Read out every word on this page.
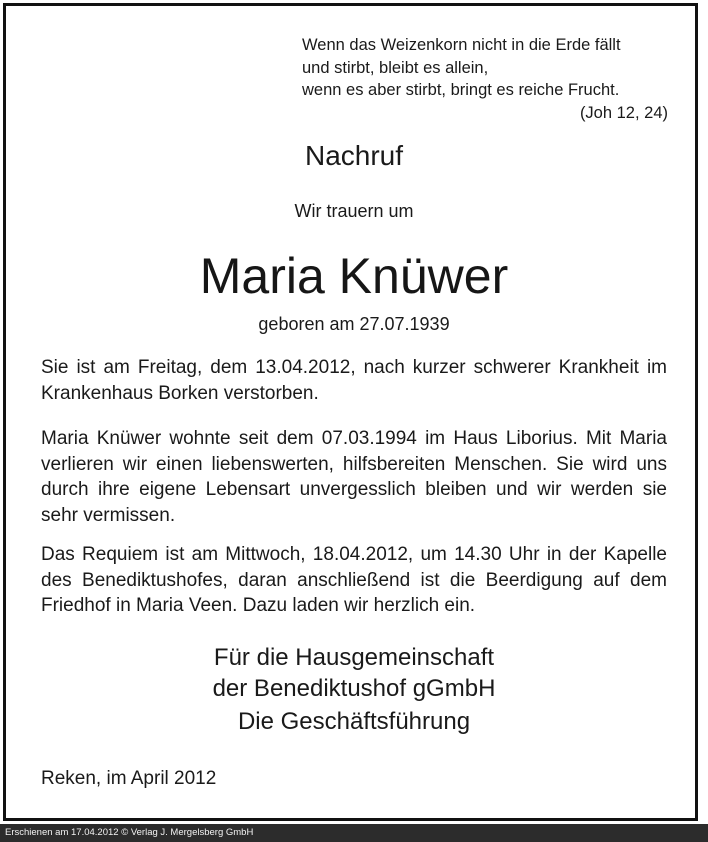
Wenn das Weizenkorn nicht in die Erde fällt
und stirbt, bleibt es allein,
wenn es aber stirbt, bringt es reiche Frucht.
(Joh 12, 24)
Nachruf
Wir trauern um
Maria Knüwer
geboren am 27.07.1939
Sie ist am Freitag, dem 13.04.2012, nach kurzer schwerer Krankheit im Krankenhaus Borken verstorben.
Maria Knüwer wohnte seit dem 07.03.1994 im Haus Liborius. Mit Maria verlieren wir einen liebenswerten, hilfsbereiten Menschen. Sie wird uns durch ihre eigene Lebensart unvergesslich bleiben und wir werden sie sehr vermissen.
Das Requiem ist am Mittwoch, 18.04.2012, um 14.30 Uhr in der Kapelle des Benediktushofes, daran anschließend ist die Beerdigung auf dem Friedhof in Maria Veen. Dazu laden wir herzlich ein.
Für die Hausgemeinschaft
der Benediktushof gGmbH
Die Geschäftsführung
Reken, im April 2012
Erschienen am 17.04.2012 © Verlag J. Mergelsberg GmbH
